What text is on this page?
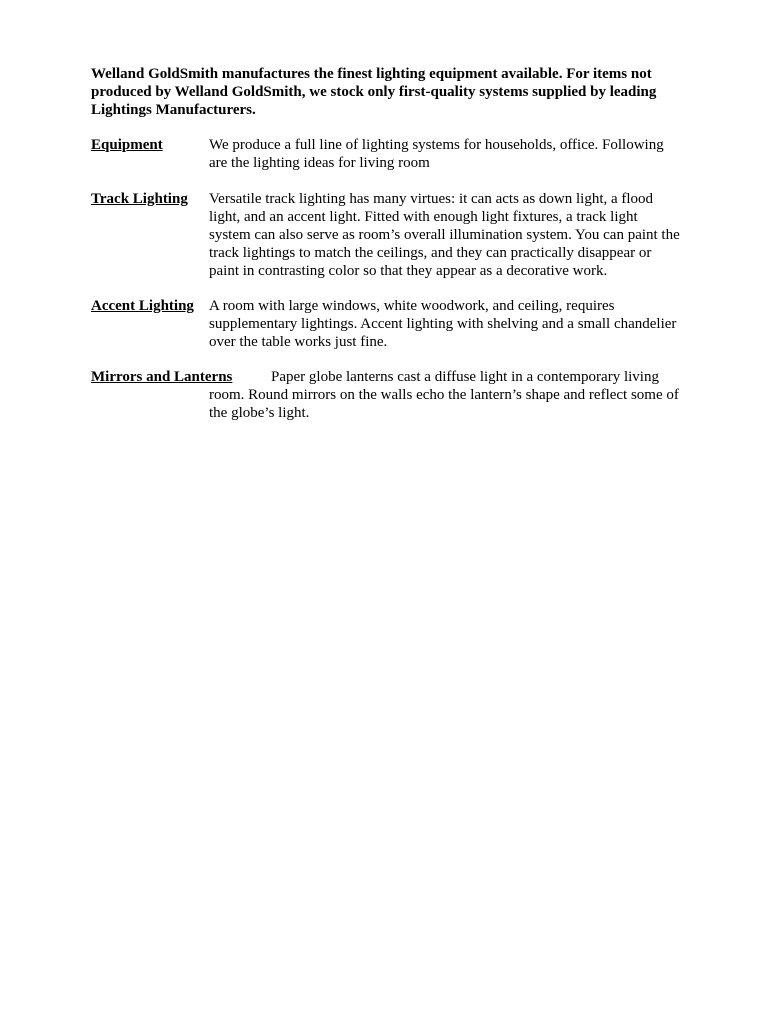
Welland GoldSmith manufactures the finest lighting equipment available. For items not produced by Welland GoldSmith, we stock only first-quality systems supplied by leading Lightings Manufacturers.

Equipment	We produce a full line of lighting systems for households, office. Following are the lighting ideas for living room

Track Lighting Versatile track lighting has many virtues: it can acts as down light, a flood light, and an accent light. Fitted with enough light fixtures, a track light system can also serve as room’s overall illumination system. You can paint the track lightings to match the ceilings, and they can practically disappear or paint in contrasting color so that they appear as a decorative work.

Accent Lighting A room with large windows, white woodwork, and ceiling, requires supplementary lightings. Accent lighting with shelving and a small chandelier over the table works just fine.

Mirrors and Lanterns	Paper globe lanterns cast a diffuse light in a contemporary living room. Round mirrors on the walls echo the lantern’s shape and reflect some of the globe’s light.
